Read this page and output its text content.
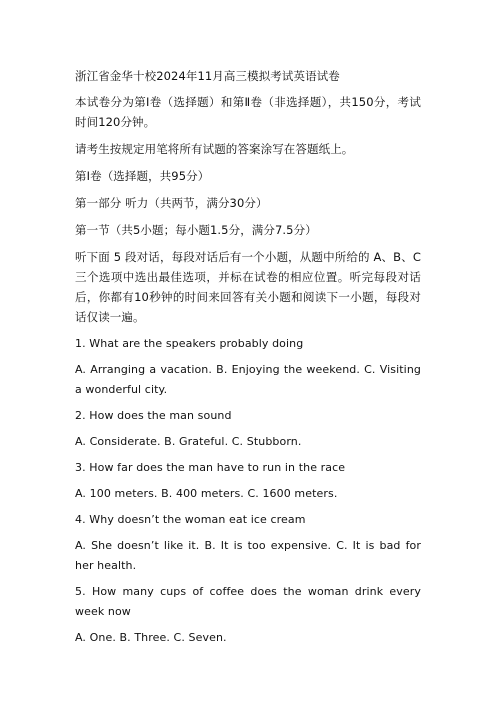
浙江省金华十校2024年11月高三模拟考试英语试卷

本试卷分为第Ⅰ卷（选择题）和第Ⅱ卷（非选择题），共150分，考试时间120分钟。

请考生按规定用笔将所有试题的答案涂写在答题纸上。

第Ⅰ卷（选择题，共95分）

第一部分 听力（共两节，满分30分）

第一节（共5小题；每小题1.5分，满分7.5分）

听下面 5 段对话，每段对话后有一个小题，从题中所给的 A、B、C 三个选项中选出最佳选项，并标在试卷的相应位置。听完每段对话后，你都有10秒钟的时间来回答有关小题和阅读下一小题，每段对话仅读一遍。

1. What are the speakers probably doing

A. Arranging a vacation. B. Enjoying the weekend. C. Visiting a wonderful city.

2. How does the man sound

A. Considerate. B. Grateful. C. Stubborn.

3. How far does the man have to run in the race

A. 100 meters. B. 400 meters. C. 1600 meters.

4. Why doesn’t the woman eat ice cream

A. She doesn’t like it. B. It is too expensive. C. It is bad for her health.

5. How many cups of coffee does the woman drink every week now

A. One. B. Three. C. Seven.
